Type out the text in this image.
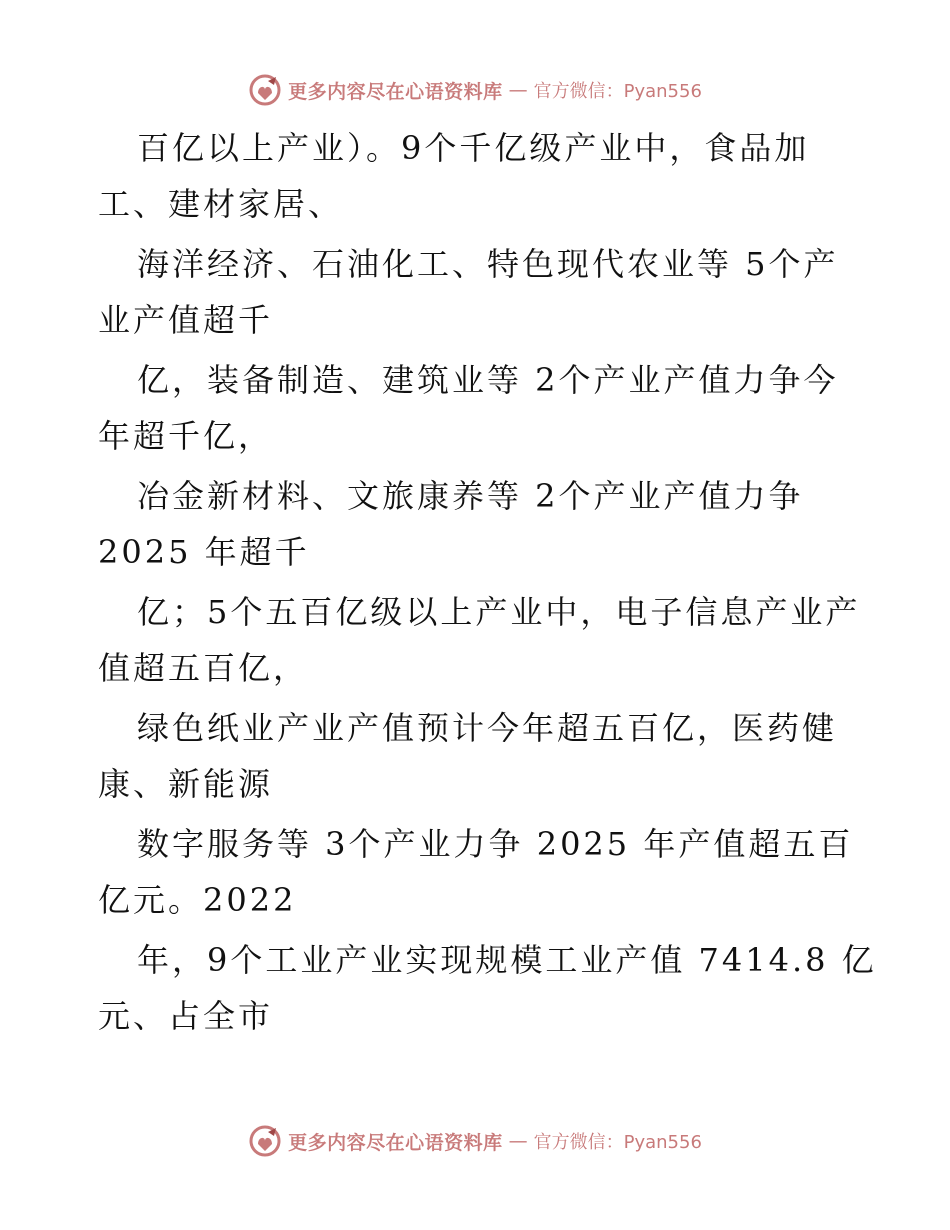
更多内容尽在心语资料库 — 官方微信：Pyan556
百亿以上产业）。9个千亿级产业中，食品加
工、建材家居、
海洋经济、石油化工、特色现代农业等 5个产
业产值超千
亿，装备制造、建筑业等 2个产业产值力争今
年超千亿，
冶金新材料、文旅康养等 2个产业产值力争
2025 年超千
亿；5个五百亿级以上产业中，电子信息产业产
值超五百亿，
绿色纸业产业产值预计今年超五百亿，医药健
康、新能源
数字服务等 3个产业力争 2025 年产值超五百
亿元。2022
年，9个工业产业实现规模工业产值 7414.8 亿
元、占全市
更多内容尽在心语资料库 — 官方微信：Pyan556
